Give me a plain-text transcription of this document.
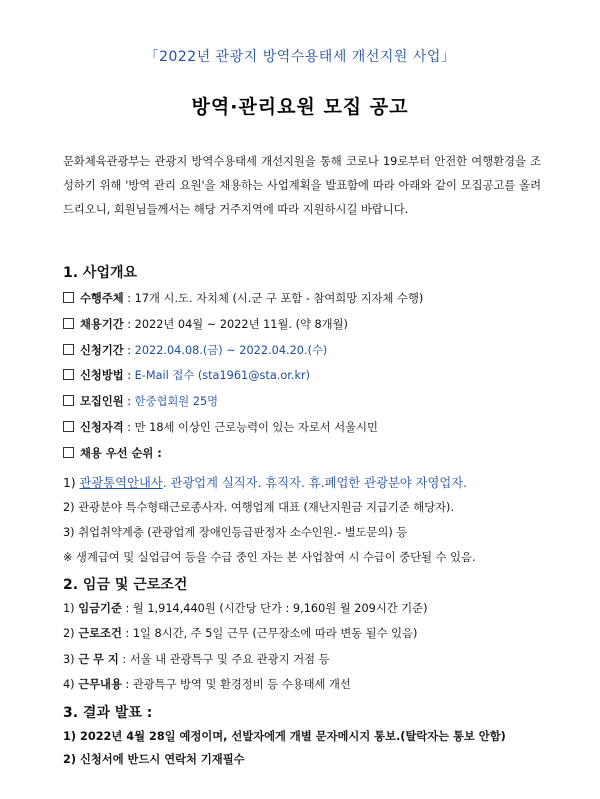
「2022년 관광지 방역수용태세 개선지원 사업」
방역·관리요원 모집 공고
문화체육관광부는 관광지 방역수용태세 개선지원을 통해 코로나 19로부터 안전한 여행환경을 조성하기 위해 '방역 관리 요원'을 채용하는 사업계획을 발표함에 따라 아래와 같이 모집공고를 올려드리오니, 회원님들께서는 해당 거주지역에 따라 지원하시길 바랍니다.
1. 사업개요
수행주체 : 17개 시.도. 자치체 (시.군 구 포함 - 참여희망 지자체 수행)
채용기간 : 2022년 04월 ~ 2022년 11월. (약 8개월)
신청기간 : 2022.04.08.(금) ~ 2022.04.20.(수)
신청방법 : E-Mail 접수 (sta1961@sta.or.kr)
모집인원 : 한중협회원 25명
신청자격 : 만 18세 이상인 근로능력이 있는 자로서 서울시민
채용 우선 순위 :
1) 관광통역안내사. 관광업계 실직자. 휴직자. 휴.폐업한 관광분야 자영업자.
2) 관광분야 특수형태근로종사자. 여행업계 대표 (재난지원금 지급기준 해당자).
3) 취업취약계층 (관광업계 장애인등급판정자 소수인원.- 별도문의) 등
※ 생계급여 및 실업급여 등을 수급 중인 자는 본 사업참여 시 수급이 중단될 수 있음.
2. 임금 및 근로조건
1) 임금기준 : 월 1,914,440원 (시간당 단가 : 9,160원 월 209시간 기준)
2) 근로조건 : 1일 8시간, 주 5일 근무 (근무장소에 따라 변동 될수 있음)
3) 근 무 지 : 서울 내 관광특구 및 주요 관광지 거점 등
4) 근무내용 : 관광특구 방역 및 환경정비 등 수용태세 개선
3. 결과 발표 :
1) 2022년 4월 28일 예정이며, 선발자에게 개별 문자메시지 통보.(탈락자는 통보 안함)
2) 신청서에 반드시 연락처 기재필수
